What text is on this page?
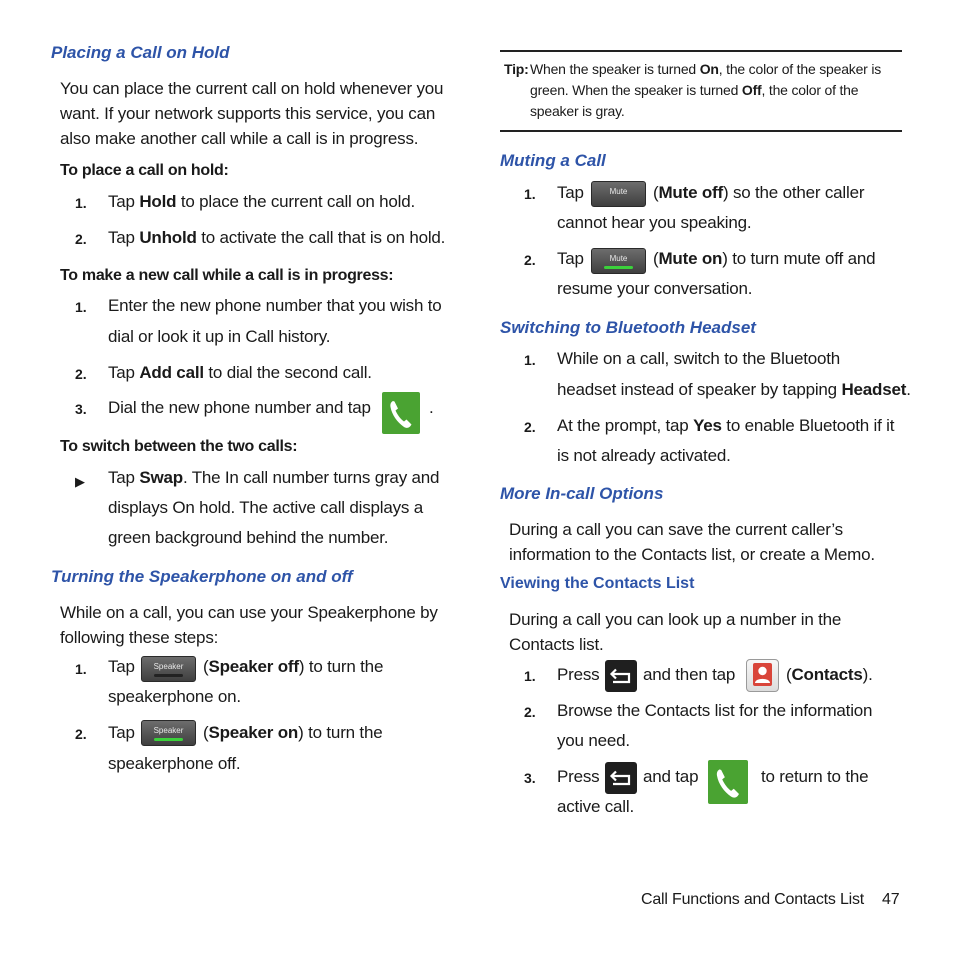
Placing a Call on Hold
You can place the current call on hold whenever you want. If your network supports this service, you can also make another call while a call is in progress.
To place a call on hold:
1. Tap Hold to place the current call on hold.
2. Tap Unhold to activate the call that is on hold.
To make a new call while a call is in progress:
1. Enter the new phone number that you wish to
dial or look it up in Call history.
2. Tap Add call to dial the second call.
3. Dial the new phone number and tap	.
To switch between the two calls:
▶ Tap Swap. The In call number turns gray and
displays On hold. The active call displays a
green background behind the number.
Turning the Speakerphone on and off
While on a call, you can use your Speakerphone by following these steps:
1. Tap	Speaker	(Speaker off) to turn the
speakerphone on.
2. Tap	Speaker	(Speaker on) to turn the
speakerphone off.
Tip: When the speaker is turned On, the color of the speaker is
green. When the speaker is turned Off, the color of the
speaker is gray.
Muting a Call
1. Tap	Mute	(Mute off) so the other caller
cannot hear you speaking.
2. Tap	Mute	(Mute on) to turn mute off and
resume your conversation.
Switching to Bluetooth Headset
1. While on a call, switch to the Bluetooth
headset instead of speaker by tapping Headset.
2. At the prompt, tap Yes to enable Bluetooth if it
is not already activated.
More In-call Options
During a call you can save the current caller’s information to the Contacts list, or create a Memo.
Viewing the Contacts List
During a call you can look up a number in the Contacts list.
1. Press	and then tap	(Contacts).
2. Browse the Contacts list for the information
you need.
3. Press	and tap	to return to the
active call.
Call Functions and Contacts List 47
